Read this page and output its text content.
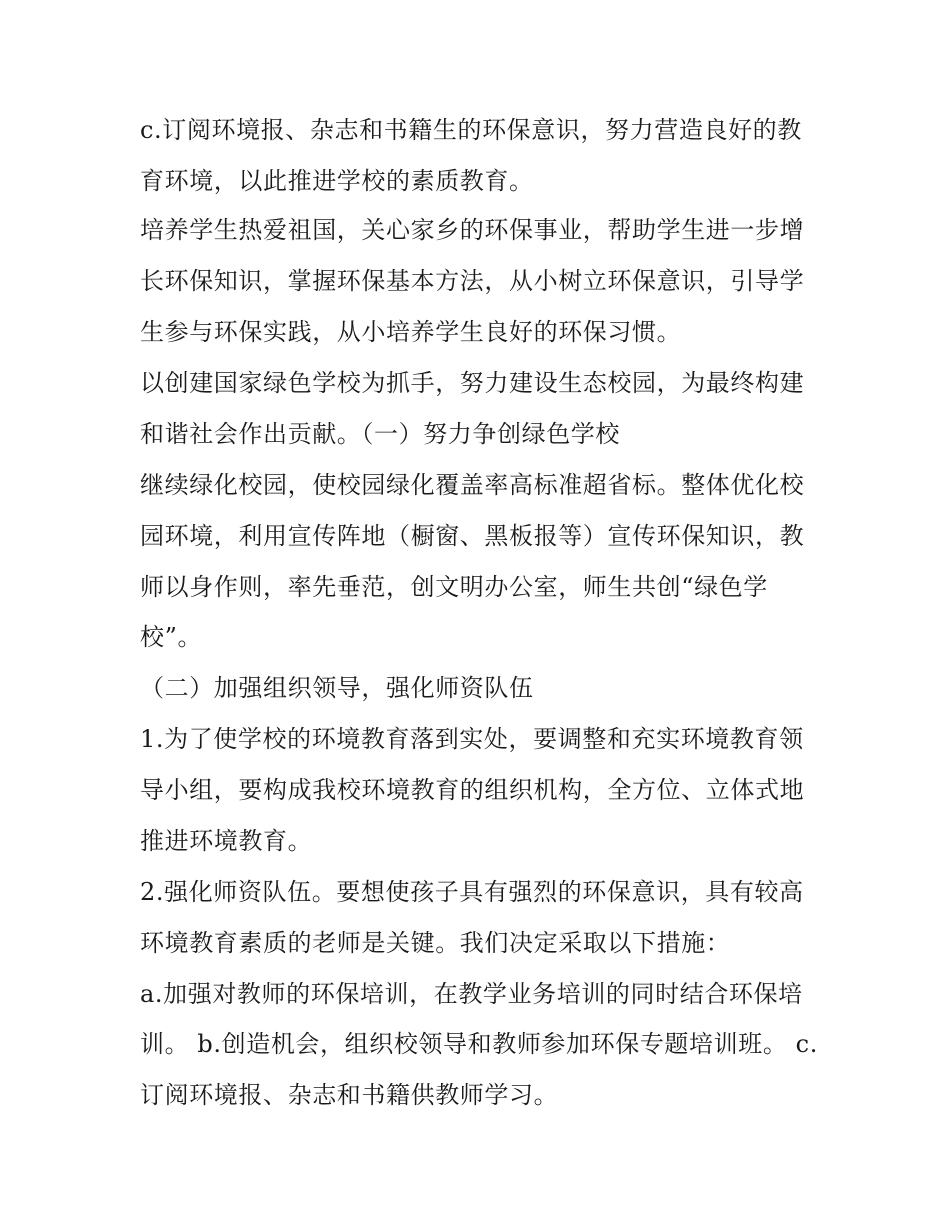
c.订阅环境报、杂志和书籍生的环保意识，努力营造良好的教
育环境，以此推进学校的素质教育。
培养学生热爱祖国，关心家乡的环保事业，帮助学生进一步增
长环保知识，掌握环保基本方法，从小树立环保意识，引导学
生参与环保实践，从小培养学生良好的环保习惯。
以创建国家绿色学校为抓手，努力建设生态校园，为最终构建
和谐社会作出贡献。（一）努力争创绿色学校
继续绿化校园，使校园绿化覆盖率高标准超省标。整体优化校
园环境，利用宣传阵地（橱窗、黑板报等）宣传环保知识，教
师以身作则，率先垂范，创文明办公室，师生共创“绿色学
校”。
（二）加强组织领导，强化师资队伍
1.为了使学校的环境教育落到实处，要调整和充实环境教育领
导小组，要构成我校环境教育的组织机构，全方位、立体式地
推进环境教育。
2.强化师资队伍。要想使孩子具有强烈的环保意识，具有较高
环境教育素质的老师是关键。我们决定采取以下措施：
a.加强对教师的环保培训，在教学业务培训的同时结合环保培
训。 b.创造机会，组织校领导和教师参加环保专题培训班。 c.
订阅环境报、杂志和书籍供教师学习。
